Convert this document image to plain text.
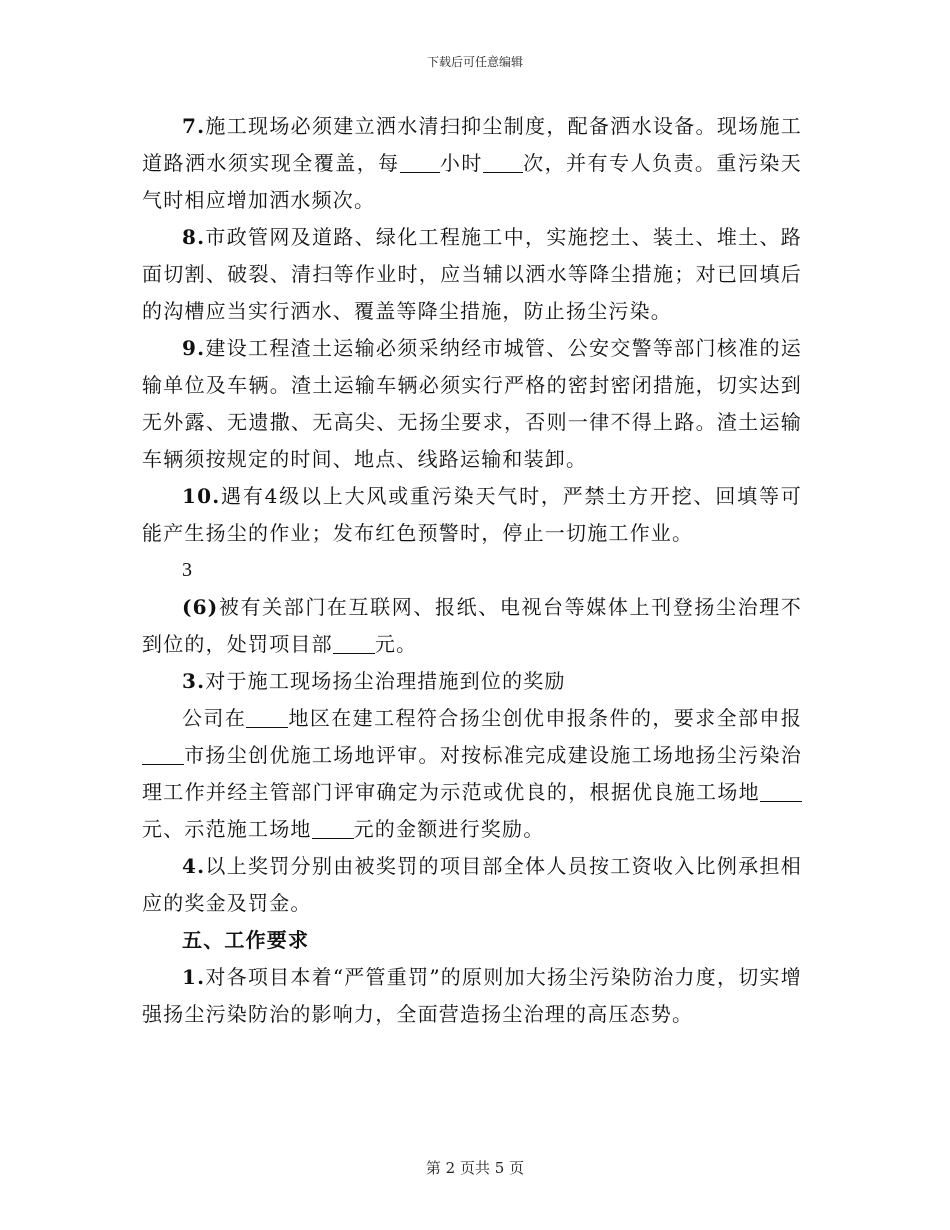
下载后可任意编辑

7.施工现场必须建立洒水清扫抑尘制度，配备洒水设备。现场施工道路洒水须实现全覆盖，每 小时 次，并有专人负责。重污染天气时相应增加洒水频次。

8.市政管网及道路、绿化工程施工中，实施挖土、装土、堆土、路面切割、破裂、清扫等作业时，应当辅以洒水等降尘措施；对已回填后的沟槽应当实行洒水、覆盖等降尘措施，防止扬尘污染。

9.建设工程渣土运输必须采纳经市城管、公安交警等部门核准的运输单位及车辆。渣土运输车辆必须实行严格的密封密闭措施，切实达到无外露、无遗撒、无高尖、无扬尘要求，否则一律不得上路。渣土运输车辆须按规定的时间、地点、线路运输和装卸。

10.遇有4级以上大风或重污染天气时，严禁土方开挖、回填等可能产生扬尘的作业；发布红色预警时，停止一切施工作业。

3

(6)被有关部门在互联网、报纸、电视台等媒体上刊登扬尘治理不到位的，处罚项目部 元。

3.对于施工现场扬尘治理措施到位的奖励

公司在 地区在建工程符合扬尘创优申报条件的，要求全部申报市扬尘创优施工场地评审。对按标准完成建设施工场地扬尘污染治理工作并经主管部门评审确定为示范或优良的，根据优良施工场地元、示范施工场地 元的金额进行奖励。

4.以上奖罚分别由被奖罚的项目部全体人员按工资收入比例承担相应的奖金及罚金。

五、工作要求

1.对各项目本着“严管重罚”的原则加大扬尘污染防治力度，切实增强扬尘污染防治的影响力，全面营造扬尘治理的高压态势。

第 2 页共 5 页
